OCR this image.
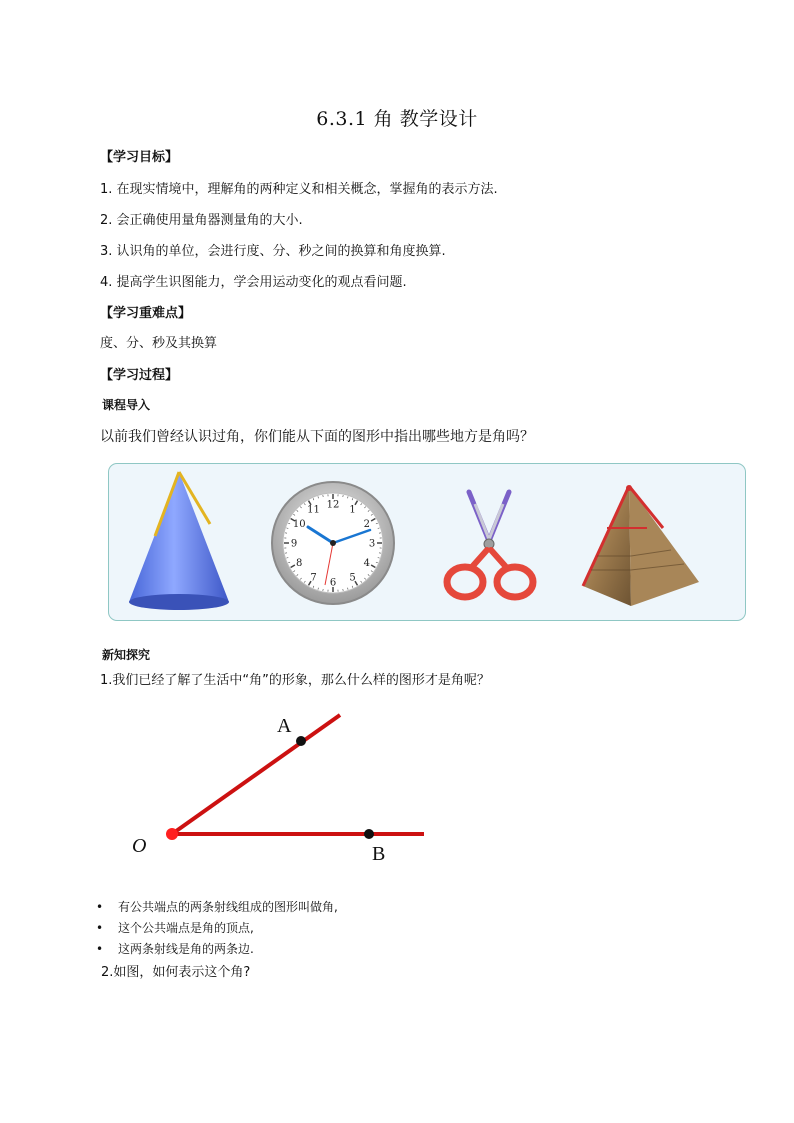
6.3.1 角 教学设计
【学习目标】
1. 在现实情境中，理解角的两种定义和相关概念，掌握角的表示方法.
2. 会正确使用量角器测量角的大小.
3. 认识角的单位，会进行度、分、秒之间的换算和角度换算.
4. 提高学生识图能力，学会用运动变化的观点看问题.
【学习重难点】
度、分、秒及其换算
【学习过程】
课程导入
以前我们曾经认识过角，你们能从下面的图形中指出哪些地方是角吗？
12 1
2
3
4
5
6
7
8
9
10
11
新知探究
1.我们已经了解了生活中“角”的形象，那么什么样的图形才是角呢？
A
O	B
• 有公共端点的两条射线组成的图形叫做角,
• 这个公共端点是角的顶点,
• 这两条射线是角的两条边.
2.如图，如何表示这个角?
